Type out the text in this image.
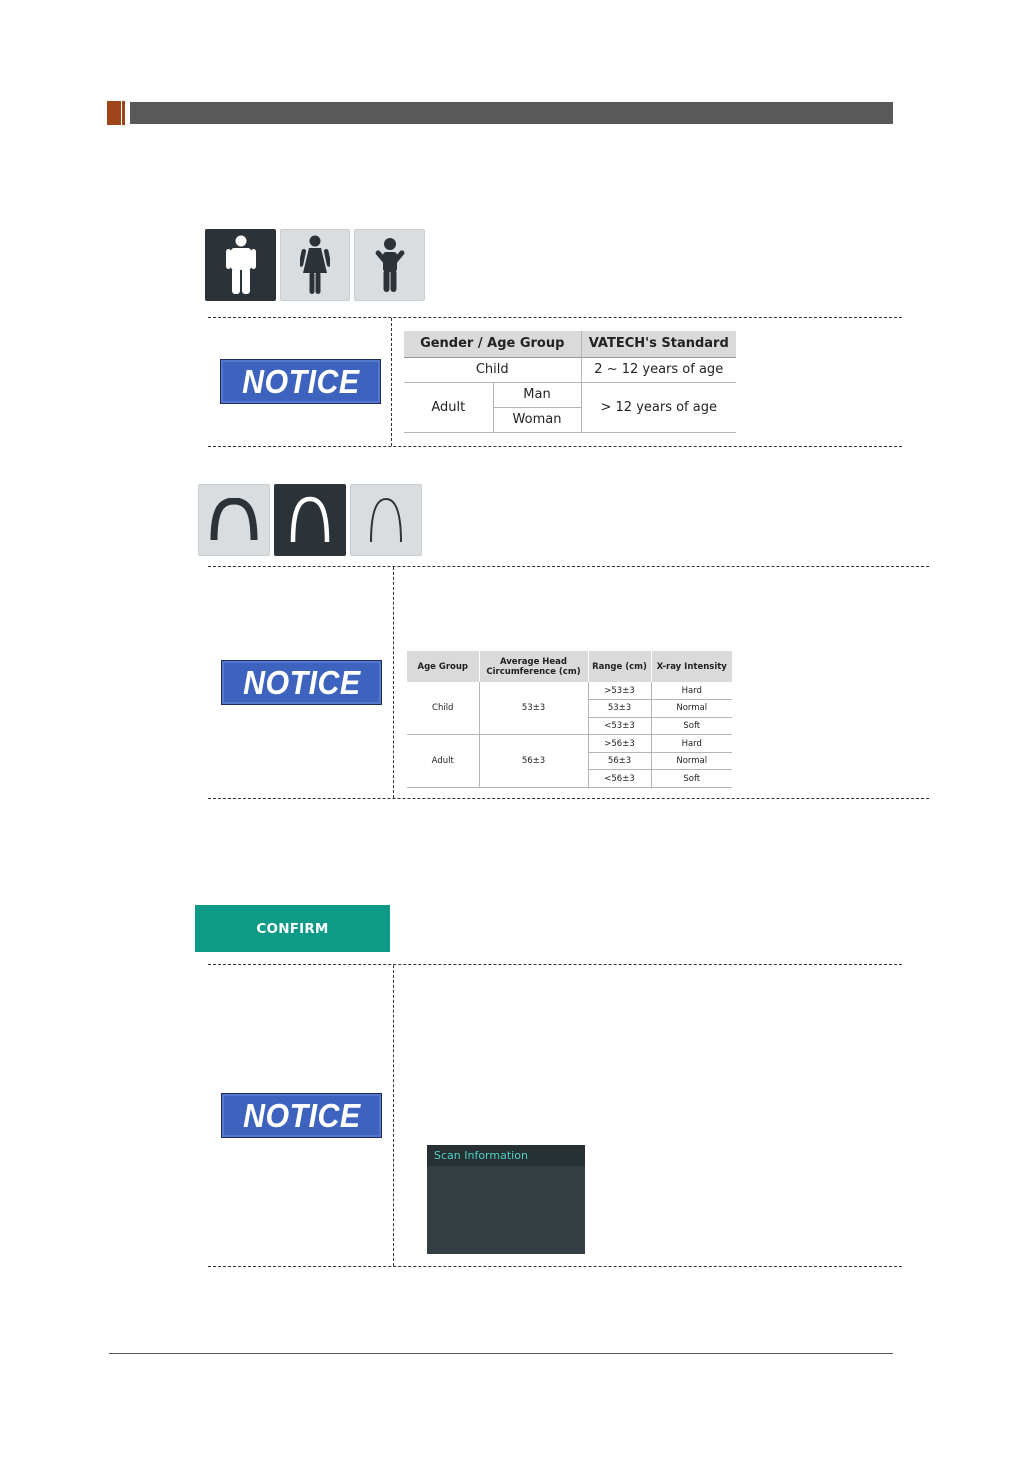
NOTICE
Gender / Age Group		VATECH's Standard
Child		2 ~ 12 years of age
Adult	Man	> 12 years of age
	Woman	
NOTICE	Age Group	Average Head Circumference (cm)	Range (cm)	X-ray Intensity
Child	53±3	>53±3	Hard
		53±3	Normal
		<53±3	Soft
Adult	56±3	>56±3	Hard
		56±3	Normal
		<56±3	Soft
CONFIRM
NOTICE
Scan Information
